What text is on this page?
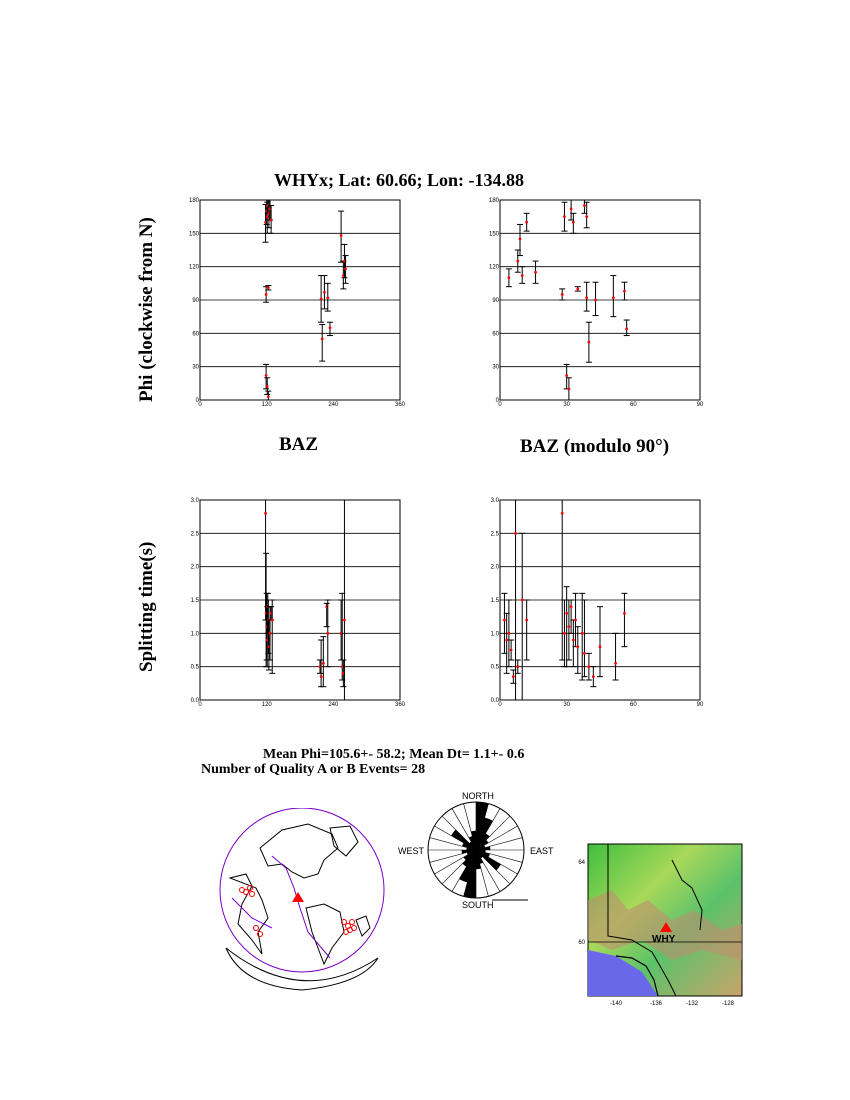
WHYx; Lat: 60.66; Lon: -134.88
Phi (clockwise from N)
Splitting time(s)
0
30
60
90
120
150
180
0	120	240	360
0
30
60
90
120
150
180
0	30	60	90
0.0
0.5
1.0
1.5
2.0
2.5
3.0
0	120	240	360
0.0
0.5
1.0
1.5
2.0
2.5
3.0
0	30	60	90
BAZ	BAZ (modulo 90°)
Mean Phi=105.6+- 58.2; Mean Dt= 1.1+- 0.6
Number of Quality A or B Events= 28
NORTH
SOUTH
EAST
WEST
64
60
-140	-136	-132	-128
WHY
